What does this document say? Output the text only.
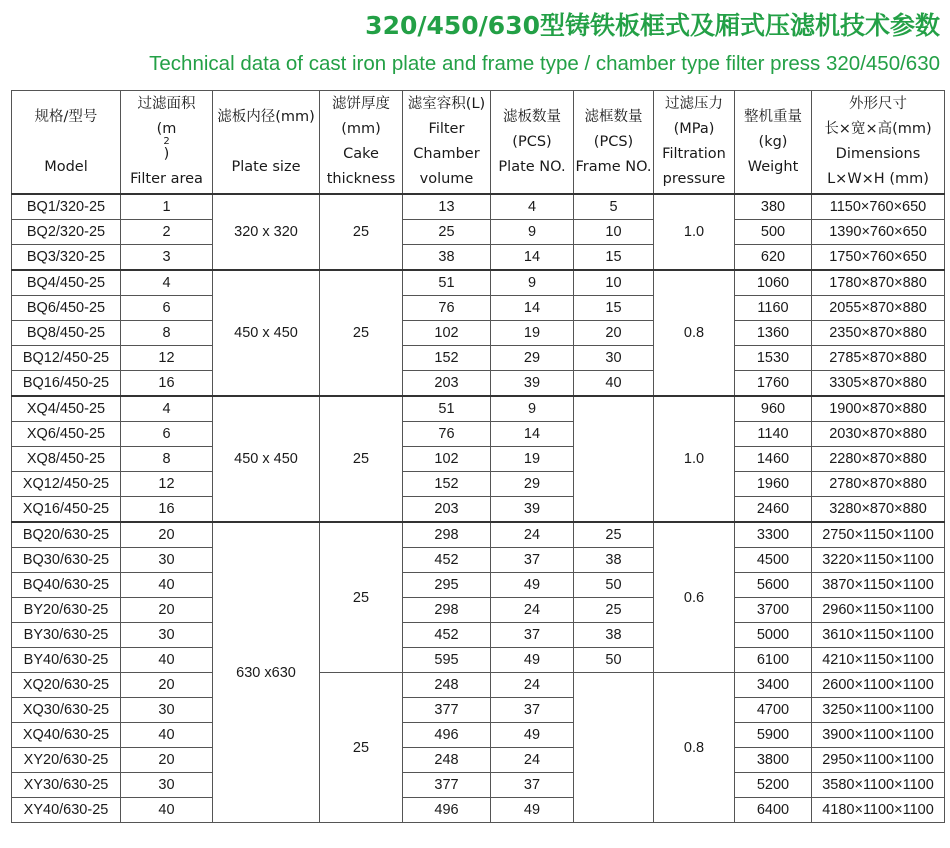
320/450/630型铸铁板框式及厢式压滤机技术参数
Technical data of cast iron plate and frame type / chamber type filter press 320/450/630
规格/型号

Model	过滤面积
(m
2
)
Filter area	滤板内径(mm)

Plate size	滤饼厚度
(mm)
Cake
thickness	滤室容积(L)
Filter
Chamber
volume	滤板数量
(PCS)
Plate NO.	滤框数量
(PCS)
Frame NO.	过滤压力
(MPa)
Filtration
pressure	整机重量
(kg)
Weight	外形尺寸
长×宽×高(mm)
Dimensions
L×W×H (mm)

BQ1/320-25	1	320 x 320	25	13	4	5	1.0	380	1150×760×650
BQ2/320-25	2			25	9	10		500	1390×760×650
BQ3/320-25	3			38	14	15		620	1750×760×650
BQ4/450-25	4	450 x 450	25	51	9	10	0.8	1060	1780×870×880
BQ6/450-25	6			76	14	15		1160	2055×870×880
BQ8/450-25	8			102	19	20		1360	2350×870×880
BQ12/450-25	12			152	29	30		1530	2785×870×880
BQ16/450-25	16			203	39	40		1760	3305×870×880
XQ4/450-25	4	450 x 450	25	51	9		1.0	960	1900×870×880
XQ6/450-25	6			76	14			1140	2030×870×880
XQ8/450-25	8			102	19			1460	2280×870×880
XQ12/450-25	12			152	29			1960	2780×870×880
XQ16/450-25	16			203	39			2460	3280×870×880
BQ20/630-25	20	630 x630	25	298	24	25	0.6	3300	2750×1150×1100
BQ30/630-25	30			452	37	38		4500	3220×1150×1100
BQ40/630-25	40			295	49	50		5600	3870×1150×1100
BY20/630-25	20			298	24	25		3700	2960×1150×1100
BY30/630-25	30			452	37	38		5000	3610×1150×1100
BY40/630-25	40			595	49	50		6100	4210×1150×1100
XQ20/630-25	20		25	248	24		0.8	3400	2600×1100×1100
XQ30/630-25	30			377	37			4700	3250×1100×1100
XQ40/630-25	40			496	49			5900	3900×1100×1100
XY20/630-25	20			248	24			3800	2950×1100×1100
XY30/630-25	30			377	37			5200	3580×1100×1100
XY40/630-25	40			496	49			6400	4180×1100×1100
